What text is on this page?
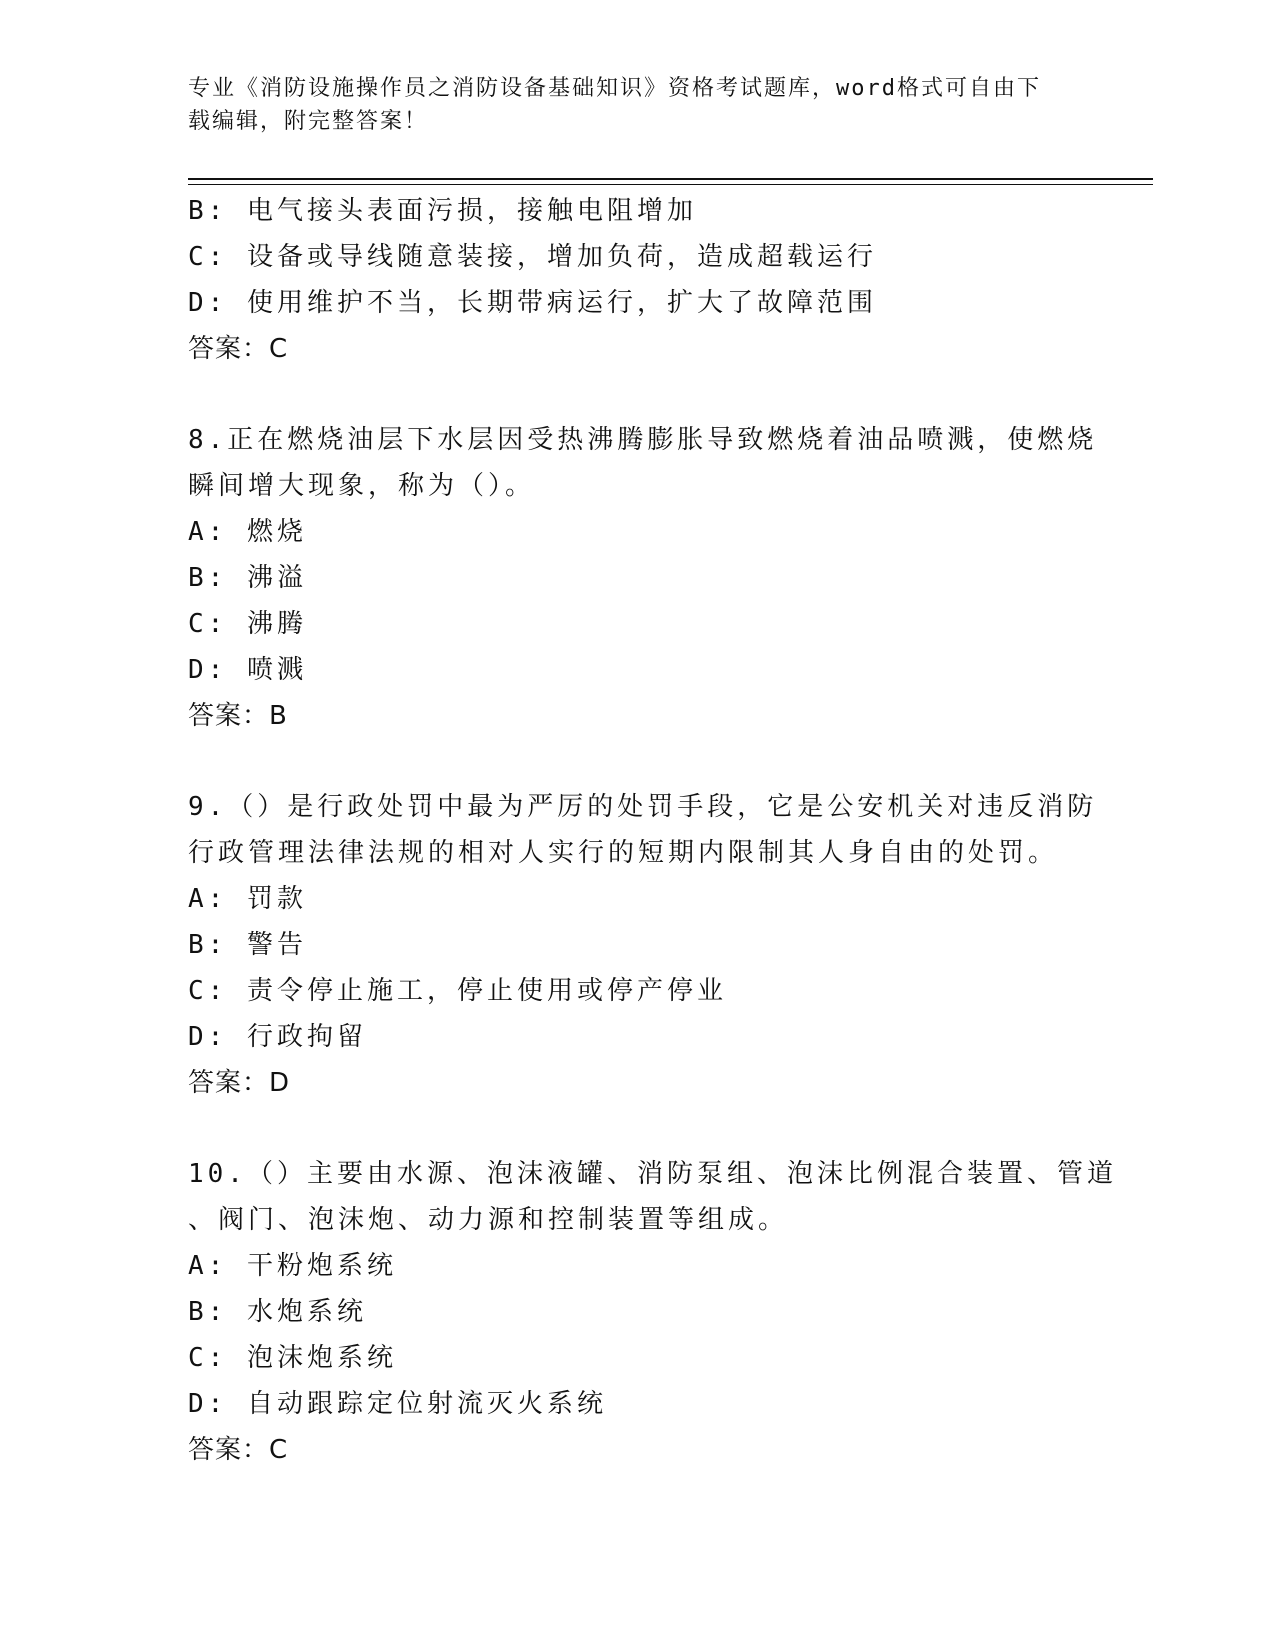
专业《消防设施操作员之消防设备基础知识》资格考试题库，word格式可自由下
载编辑，附完整答案！
B: 电气接头表面污损，接触电阻增加
C: 设备或导线随意装接，增加负荷，造成超载运行
D: 使用维护不当，长期带病运行，扩大了故障范围
答案：C
8.正在燃烧油层下水层因受热沸腾膨胀导致燃烧着油品喷溅，使燃烧
瞬间增大现象，称为（）。
A: 燃烧
B: 沸溢
C: 沸腾
D: 喷溅
答案：B
9.（）是行政处罚中最为严厉的处罚手段，它是公安机关对违反消防
行政管理法律法规的相对人实行的短期内限制其人身自由的处罚。
A: 罚款
B: 警告
C: 责令停止施工，停止使用或停产停业
D: 行政拘留
答案：D
10.（）主要由水源、泡沫液罐、消防泵组、泡沫比例混合装置、管道
、阀门、泡沫炮、动力源和控制装置等组成。
A: 干粉炮系统
B: 水炮系统
C: 泡沫炮系统
D: 自动跟踪定位射流灭火系统
答案：C
